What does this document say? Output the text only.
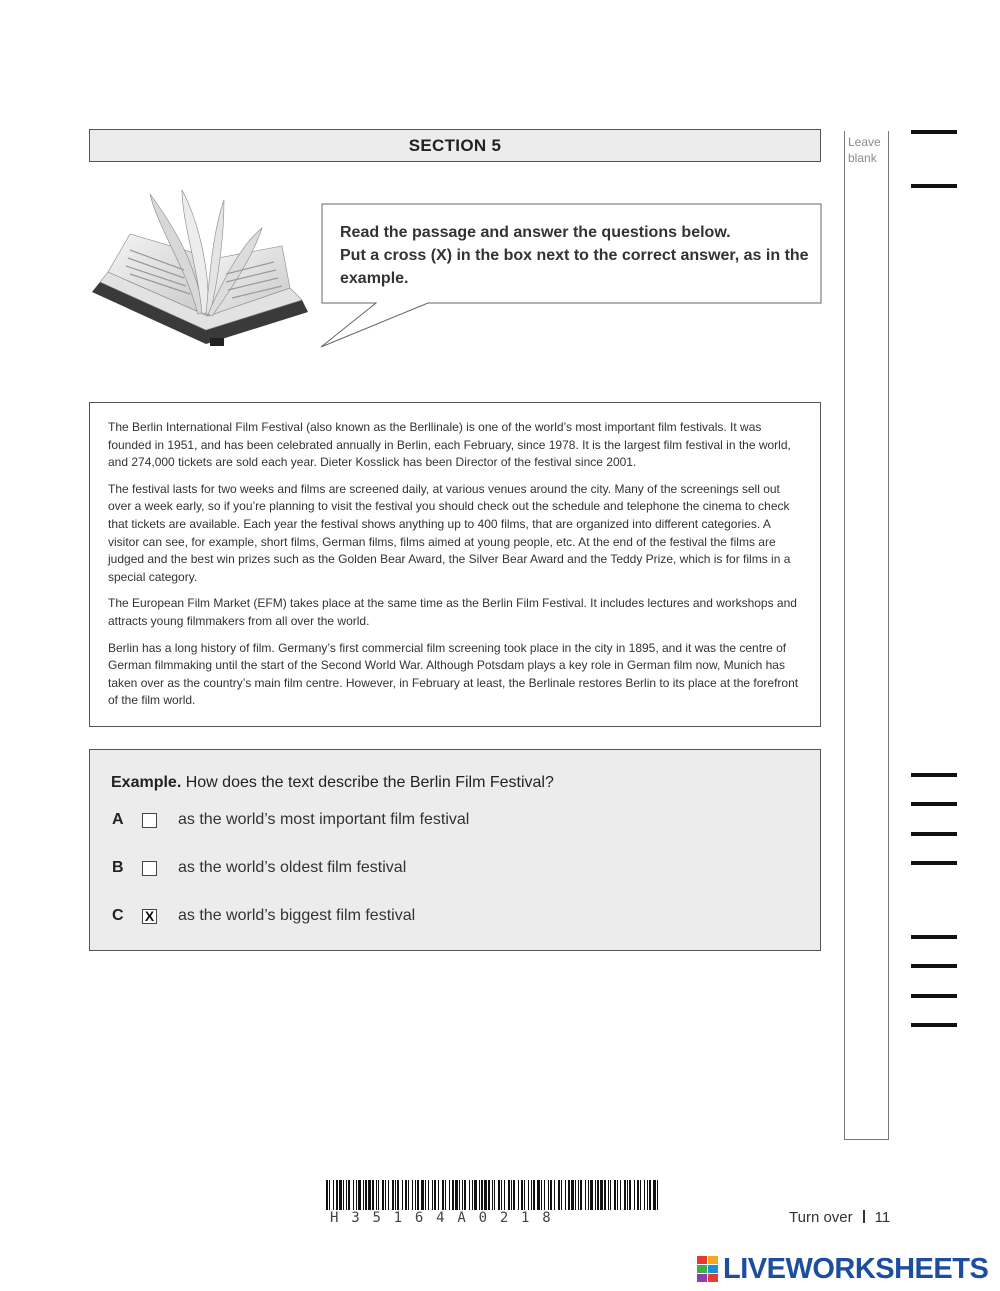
SECTION 5	Leave blank
Read the passage and answer the questions below.
Put a cross (X) in the box next to the correct answer, as in the example.

The Berlin International Film Festival (also known as the Berllinale) is one of the world’s most important film festivals. It was founded in 1951, and has been celebrated annually in Berlin, each February, since 1978. It is the largest film festival in the world, and 274,000 tickets are sold each year. Dieter Kosslick has been Director of the festival since 2001.

The festival lasts for two weeks and films are screened daily, at various venues around the city. Many of the screenings sell out over a week early, so if you’re planning to visit the festival you should check out the schedule and telephone the cinema to check that tickets are available. Each year the festival shows anything up to 400 films, that are organized into different categories. A visitor can see, for example, short films, German films, films aimed at young people, etc. At the end of the festival the films are judged and the best win prizes such as the Golden Bear Award, the Silver Bear Award and the Teddy Prize, which is for films in a special category.

The European Film Market (EFM) takes place at the same time as the Berlin Film Festival. It includes lectures and workshops and attracts young filmmakers from all over the world.

Berlin has a long history of film. Germany’s first commercial film screening took place in the city in 1895, and it was the centre of German filmmaking until the start of the Second World War. Although Potsdam plays a key role in German film now, Munich has taken over as the country’s main film centre. However, in February at least, the Berlinale restores Berlin to its place at the forefront of the film world.

Example. How does the text describe the Berlin Film Festival?
A	as the world’s most important film festival
B	as the world’s oldest film festival
C X as the world’s biggest film festival
H35164A0218	Turn over 11
LIVEWORKSHEETS
